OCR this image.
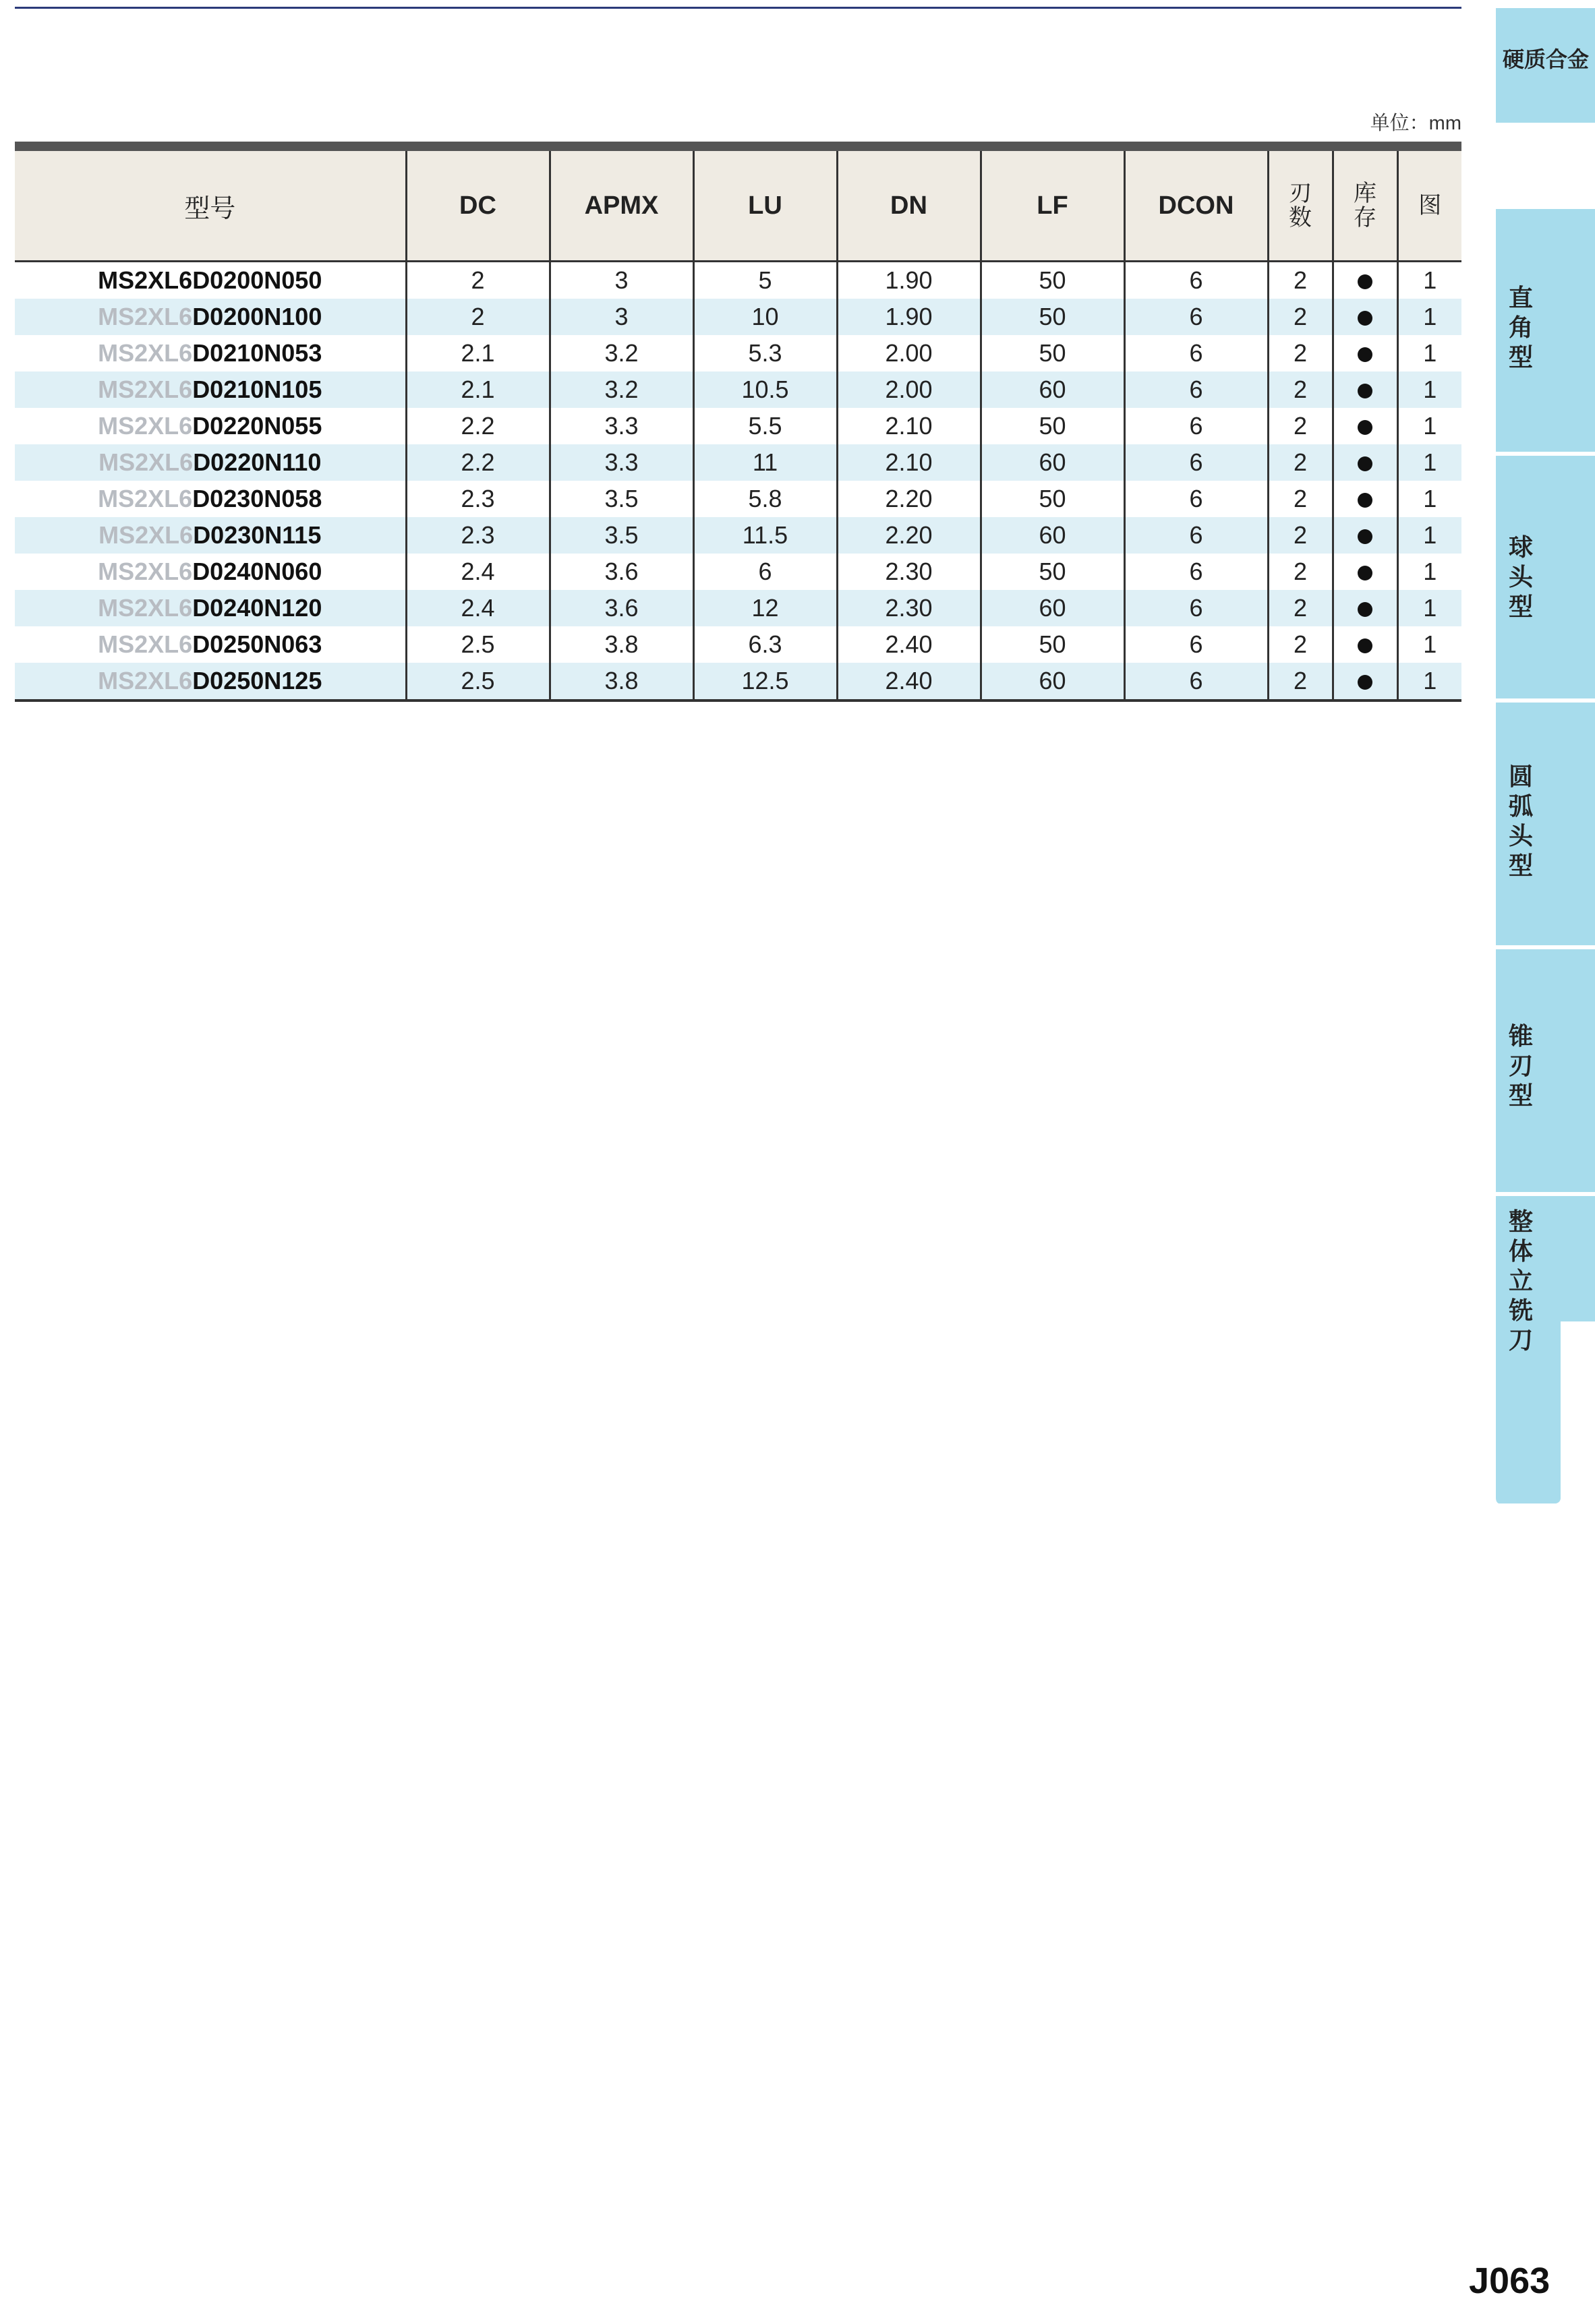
单位：mm
型号	DC	APMX	LU	DN	LF	DCON	刃数	库存	图
MS2XL6D0200N050	2	3	5	1.90	50	6	2		1
MS2XL6D0200N100	2	3	10	1.90	50	6	2		1
MS2XL6D0210N053	2.1	3.2	5.3	2.00	50	6	2		1
MS2XL6D0210N105	2.1	3.2	10.5	2.00	60	6	2		1
MS2XL6D0220N055	2.2	3.3	5.5	2.10	50	6	2		1
MS2XL6D0220N110	2.2	3.3	11	2.10	60	6	2		1
MS2XL6D0230N058	2.3	3.5	5.8	2.20	50	6	2		1
MS2XL6D0230N115	2.3	3.5	11.5	2.20	60	6	2		1
MS2XL6D0240N060	2.4	3.6	6	2.30	50	6	2		1
MS2XL6D0240N120	2.4	3.6	12	2.30	60	6	2		1
MS2XL6D0250N063	2.5	3.8	6.3	2.40	50	6	2		1
MS2XL6D0250N125	2.5	3.8	12.5	2.40	60	6	2		1
硬质合金
直角型
球头型
圆弧头型
锥刃型
整体立铣刀
J063
